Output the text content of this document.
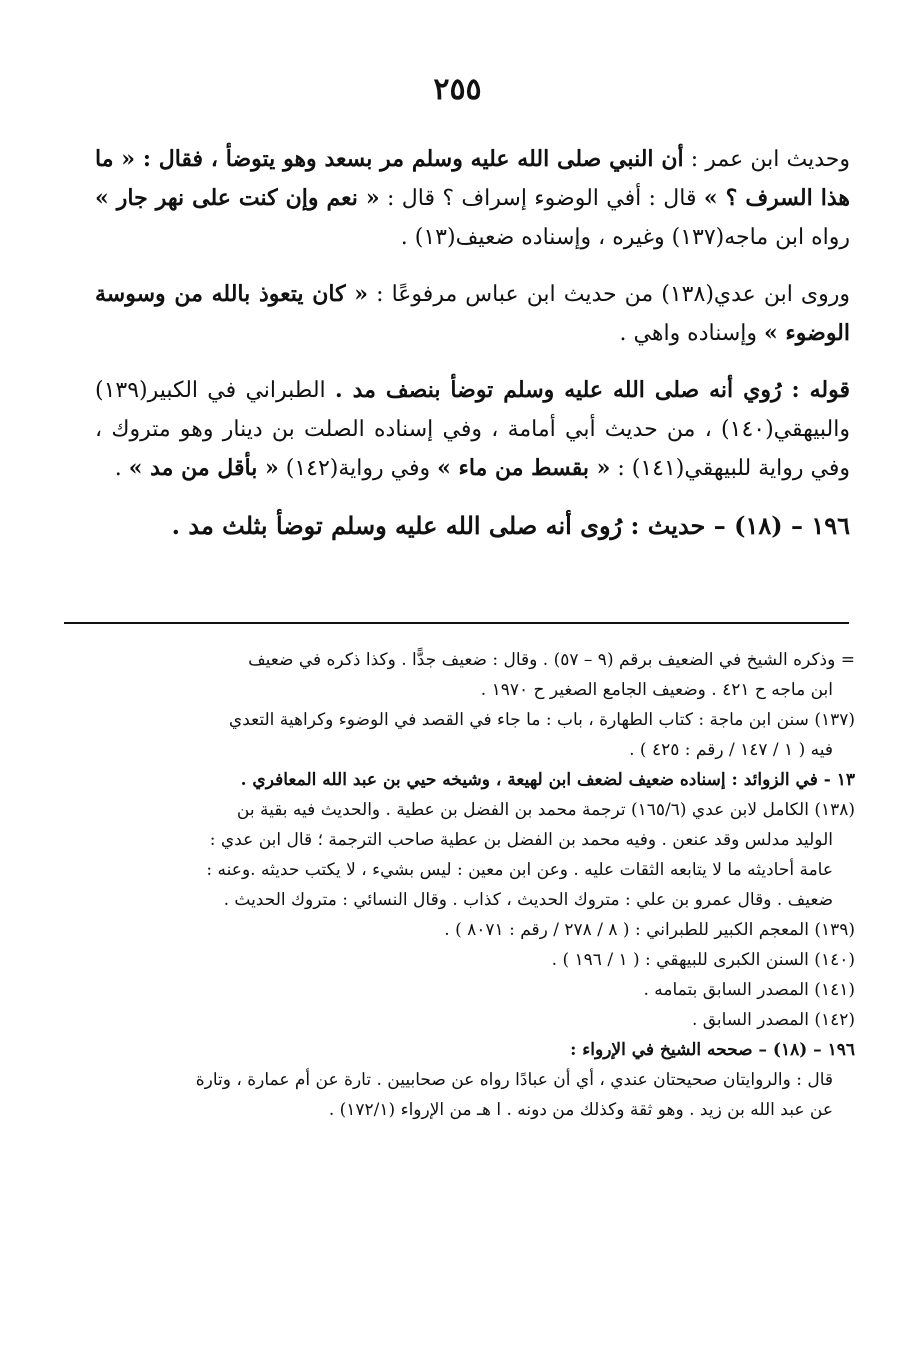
٢٥٥

وحديث ابن عمر : أن النبي صلى الله عليه وسلم مر بسعد وهو يتوضأ ، فقال : « ما هذا السرف ؟ » قال : أفي الوضوء إسراف ؟ قال : « نعم وإن كنت على نهر جار » رواه ابن ماجه(١٣٧) وغيره ، وإسناده ضعيف(١٣) .

وروى ابن عدي(١٣٨) من حديث ابن عباس مرفوعًا : « كان يتعوذ بالله من وسوسة الوضوء » وإسناده واهي .

قوله : رُوي أنه صلى الله عليه وسلم توضأ بنصف مد . الطبراني في الكبير(١٣٩) والبيهقي(١٤٠) ، من حديث أبي أمامة ، وفي إسناده الصلت بن دينار وهو متروك ، وفي رواية للبيهقي(١٤١) : « بقسط من ماء » وفي رواية(١٤٢) « بأقل من مد » .

١٩٦ – (١٨) – حديث : رُوى أنه صلى الله عليه وسلم توضأ بثلث مد .

= وذكره الشيخ في الضعيف برقم (٩ – ٥٧) . وقال : ضعيف جدًّا . وكذا ذكره في ضعيف

ابن ماجه ح ٤٢١ . وضعيف الجامع الصغير ح ١٩٧٠ .

(١٣٧) سنن ابن ماجة : كتاب الطهارة ، باب : ما جاء في القصد في الوضوء وكراهية التعدي

فيه ( ١ / ١٤٧ / رقم : ٤٢٥ ) .

١٣ - في الزوائد : إسناده ضعيف لضعف ابن لهيعة ، وشيخه حيي بن عبد الله المعافري .

(١٣٨) الكامل لابن عدي (١٦٥/٦) ترجمة محمد بن الفضل بن عطية . والحديث فيه بقية بن

الوليد مدلس وقد عنعن . وفيه محمد بن الفضل بن عطية صاحب الترجمة ؛ قال ابن عدي :

عامة أحاديثه ما لا يتابعه الثقات عليه . وعن ابن معين : ليس بشيء ، لا يكتب حديثه .وعنه :

ضعيف . وقال عمرو بن علي : متروك الحديث ، كذاب . وقال النسائي : متروك الحديث .

(١٣٩) المعجم الكبير للطبراني : ( ٨ / ٢٧٨ / رقم : ٨٠٧١ ) .

(١٤٠) السنن الكبرى للبيهقي : ( ١ / ١٩٦ ) .

(١٤١) المصدر السابق بتمامه .

(١٤٢) المصدر السابق .

١٩٦ – (١٨) – صححه الشيخ في الإرواء :

قال : والروايتان صحيحتان عندي ، أي أن عبادًا رواه عن صحابيين . تارة عن أم عمارة ، وتارة

عن عبد الله بن زيد . وهو ثقة وكذلك من دونه . ا هـ من الإرواء (١٧٢/١) .
